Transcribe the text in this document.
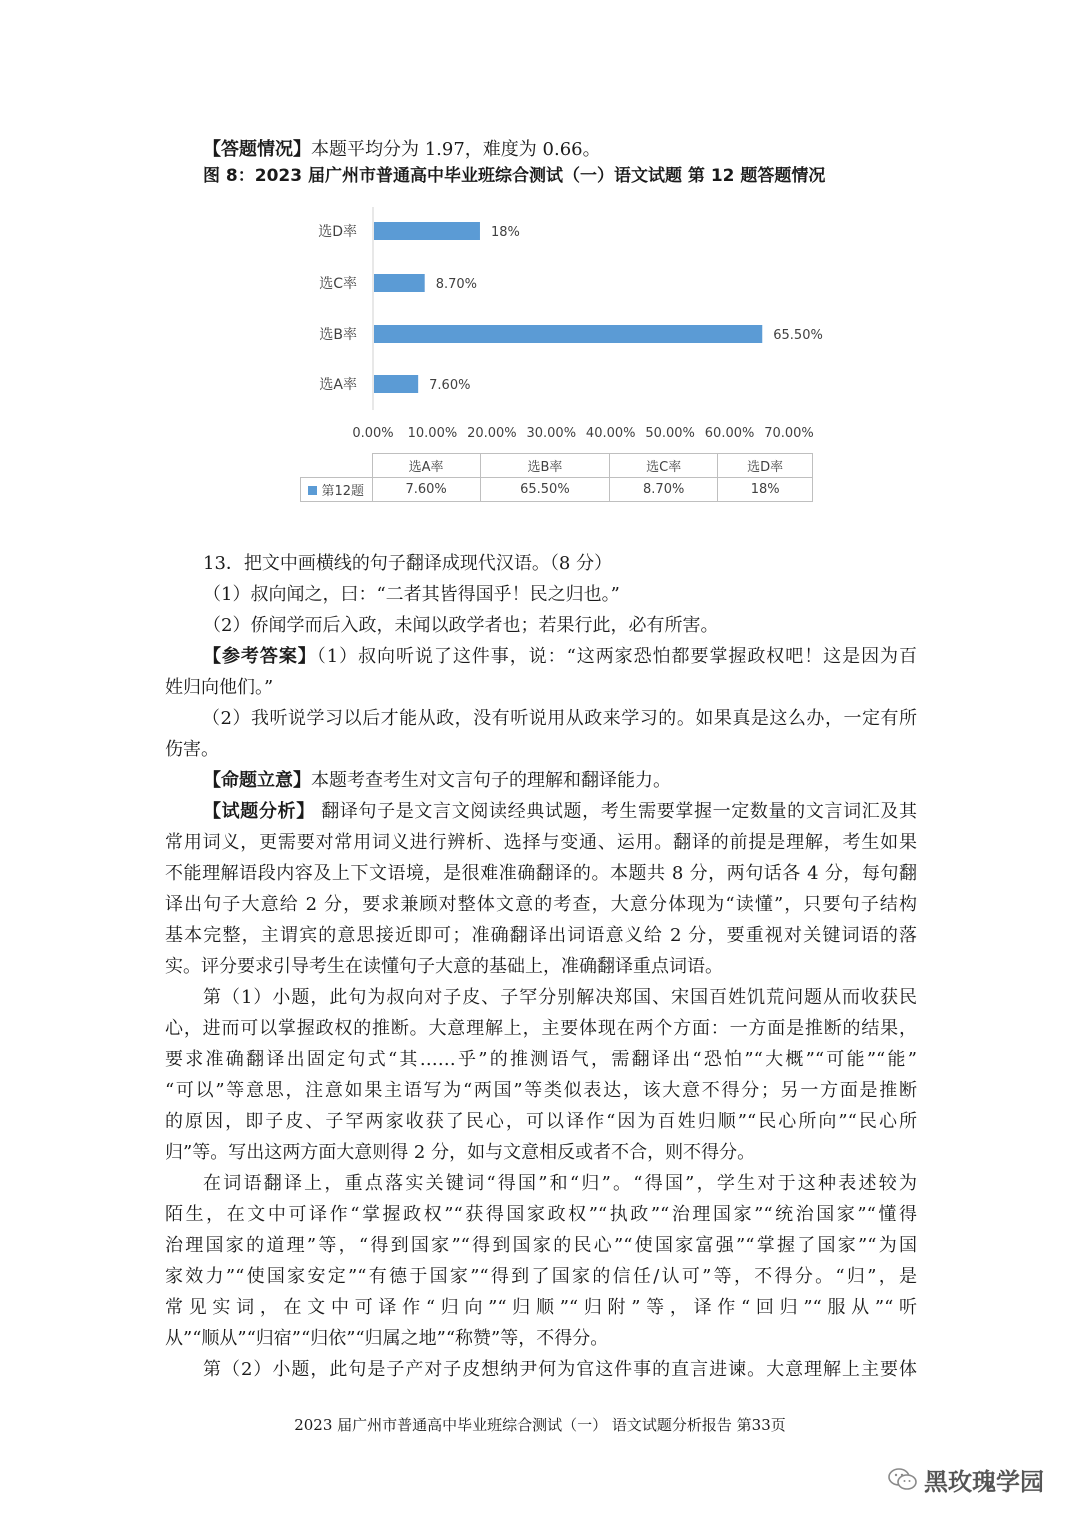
【答题情况】本题平均分为 1.97，难度为 0.66。
图 8：2023 届广州市普通高中毕业班综合测试（一）语文试题 第 12 题答题情况
选A率	7.60%
选B率	65.50%
选C率	8.70%
选D率	18%
0.00% 10.00% 20.00% 30.00% 40.00% 50.00% 60.00% 70.00%
	选A率	选B率	选C率	选D率
第12题	7.60%	65.50%	8.70%	18%
13．把文中画横线的句子翻译成现代汉语。（8 分）
（1）叔向闻之，曰：“二者其皆得国乎！民之归也。”
（2）侨闻学而后入政，未闻以政学者也；若果行此，必有所害。
【参考答案】（1）叔向听说了这件事，说：“这两家恐怕都要掌握政权吧！这是因为百
姓归向他们。”
（2）我听说学习以后才能从政，没有听说用从政来学习的。如果真是这么办，一定有所
伤害。
【命题立意】本题考查考生对文言句子的理解和翻译能力。
【试题分析】 翻译句子是文言文阅读经典试题，考生需要掌握一定数量的文言词汇及其
常用词义，更需要对常用词义进行辨析、选择与变通、运用。翻译的前提是理解，考生如果
不能理解语段内容及上下文语境，是很难准确翻译的。本题共 8 分，两句话各 4 分，每句翻
译出句子大意给 2 分，要求兼顾对整体文意的考查，大意分体现为“读懂”，只要句子结构
基本完整，主谓宾的意思接近即可；准确翻译出词语意义给 2 分，要重视对关键词语的落
实。评分要求引导考生在读懂句子大意的基础上，准确翻译重点词语。
第（1）小题，此句为叔向对子皮、子罕分别解决郑国、宋国百姓饥荒问题从而收获民
心，进而可以掌握政权的推断。大意理解上，主要体现在两个方面：一方面是推断的结果，
要求准确翻译出固定句式“其……乎”的推测语气，需翻译出“恐怕”“大概”“可能”“能”
“可以”等意思，注意如果主语写为“两国”等类似表达，该大意不得分；另一方面是推断
的原因，即子皮、子罕两家收获了民心，可以译作“因为百姓归顺”“民心所向”“民心所
归”等。写出这两方面大意则得 2 分，如与文意相反或者不合，则不得分。
在词语翻译上，重点落实关键词“得国”和“归”。“得国”，学生对于这种表述较为
陌生，在文中可译作“掌握政权”“获得国家政权”“执政”“治理国家”“统治国家”“懂得
治理国家的道理”等，“得到国家”“得到国家的民心”“使国家富强”“掌握了国家”“为国
家效力”“使国家安定”“有德于国家”“得到了国家的信任/认可”等，不得分。“归”，是
常见实词，在文中可译作“归向”“归顺”“归附”等，译作“回归”“服从”“听
从”“顺从”“归宿”“归依”“归属之地”“称赞”等，不得分。
第（2）小题，此句是子产对子皮想纳尹何为官这件事的直言进谏。大意理解上主要体
2023 届广州市普通高中毕业班综合测试（一） 语文试题分析报告 第33页
黑玫瑰学园
